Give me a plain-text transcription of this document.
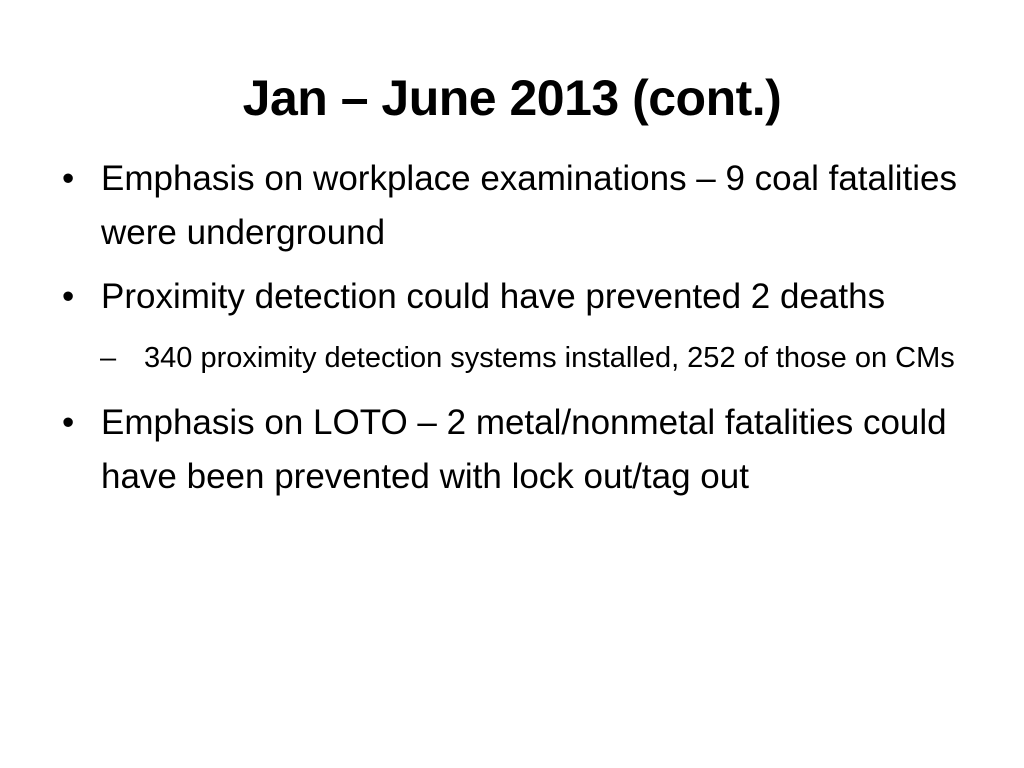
Jan – June 2013 (cont.)
• Emphasis on workplace examinations – 9 coal fatalities were underground
• Proximity detection could have prevented 2 deaths
– 340 proximity detection systems installed, 252 of those on CMs
• Emphasis on LOTO – 2 metal/nonmetal fatalities could have been prevented with lock out/tag out
